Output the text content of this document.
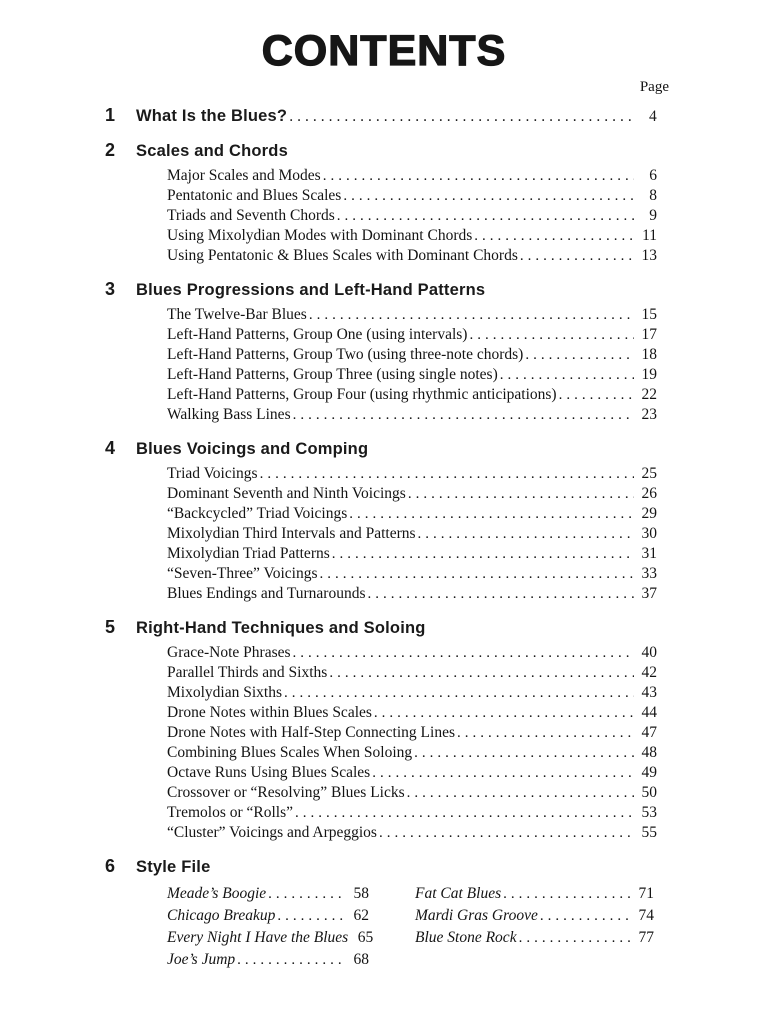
CONTENTS
Page
1	What Is the Blues? .....	4
2	Scales and Chords
Major Scales and Modes .....	6
Pentatonic and Blues Scales .....	8
Triads and Seventh Chords .....	9
Using Mixolydian Modes with Dominant Chords .....	11
Using Pentatonic & Blues Scales with Dominant Chords .....	13
3	Blues Progressions and Left-Hand Patterns
The Twelve-Bar Blues .....	15
Left-Hand Patterns, Group One (using intervals) .....	17
Left-Hand Patterns, Group Two (using three-note chords) .....	18
Left-Hand Patterns, Group Three (using single notes) .....	19
Left-Hand Patterns, Group Four (using rhythmic anticipations) .....	22
Walking Bass Lines .....	23
4	Blues Voicings and Comping
Triad Voicings .....	25
Dominant Seventh and Ninth Voicings .....	26
“Backcycled” Triad Voicings .....	29
Mixolydian Third Intervals and Patterns .....	30
Mixolydian Triad Patterns .....	31
“Seven-Three” Voicings .....	33
Blues Endings and Turnarounds .....	37
5	Right-Hand Techniques and Soloing
Grace-Note Phrases .....	40
Parallel Thirds and Sixths .....	42
Mixolydian Sixths .....	43
Drone Notes within Blues Scales .....	44
Drone Notes with Half-Step Connecting Lines .....	47
Combining Blues Scales When Soloing .....	48
Octave Runs Using Blues Scales .....	49
Crossover or “Resolving” Blues Licks .....	50
Tremolos or “Rolls” .....	53
“Cluster” Voicings and Arpeggios .....	55
6	Style File
Meade’s Boogie .....	58
Chicago Breakup .....	62
Every Night I Have the Blues 65
Joe’s Jump .....	68
Fat Cat Blues .....	71
Mardi Gras Groove .....	74
Blue Stone Rock .....	77
